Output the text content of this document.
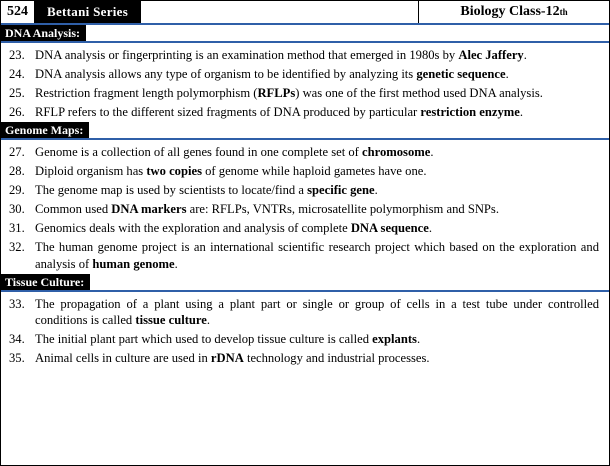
524	Bettani Series	Biology Class-12 th
DNA Analysis:
23. DNA analysis or fingerprinting is an examination method that emerged in 1980s by Alec Jaffery.
24. DNA analysis allows any type of organism to be identified by analyzing its genetic sequence.
25. Restriction fragment length polymorphism (RFLPs) was one of the first method used DNA analysis.
26. RFLP refers to the different sized fragments of DNA produced by particular restriction enzyme.
Genome Maps:
27. Genome is a collection of all genes found in one complete set of chromosome.
28. Diploid organism has two copies of genome while haploid gametes have one.
29. The genome map is used by scientists to locate/find a specific gene.
30. Common used DNA markers are: RFLPs, VNTRs, microsatellite polymorphism and SNPs.
31. Genomics deals with the exploration and analysis of complete DNA sequence.
32. The human genome project is an international scientific research project which based on the exploration and analysis of human genome.
Tissue Culture:
33. The propagation of a plant using a plant part or single or group of cells in a test tube under controlled conditions is called tissue culture.
34. The initial plant part which used to develop tissue culture is called explants.
35. Animal cells in culture are used in rDNA technology and industrial processes.
